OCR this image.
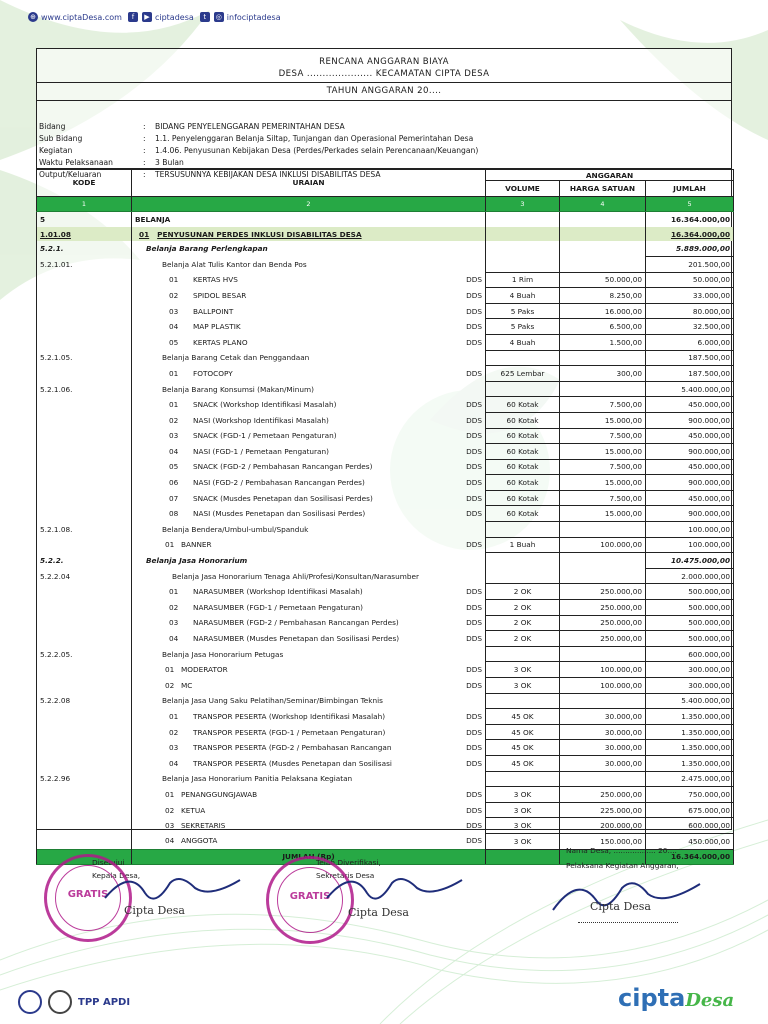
⊕ www.ciptaDesa.com	f	▶ ciptadesa	t	◎ infociptadesa
RENCANA ANGGARAN BIAYA
DESA ..................... KECAMATAN CIPTA DESA
TAHUN ANGGARAN 20....
Bidang	:	BIDANG PENYELENGGARAN PEMERINTAHAN DESA
Sub Bidang	:	1.1. Penyelenggaran Belanja Siltap, Tunjangan dan Operasional Pemerintahan Desa
Kegiatan	:	1.4.06. Penyusunan Kebijakan Desa (Perdes/Perkades selain Perencanaan/Keuangan)
Waktu Pelaksanaan	:	3 Bulan
Output/Keluaran	:	TERSUSUNNYA KEBIJAKAN DESA INKLUSI DISABILITAS DESA
KODE	URAIAN	ANGGARAN		
		VOLUME	HARGA SATUAN	JUMLAH
1	2	3	4	5
5	BELANJA			16.364.000,00
1.01.08	01 PENYUSUNAN PERDES INKLUSI DISABILITAS DESA			16.364.000,00
5.2.1.	Belanja Barang Perlengkapan			5.889.000,00
5.2.1.01.	Belanja Alat Tulis Kantor dan Benda Pos			201.500,00
	01 KERTAS HVS DDS	1 Rim	50.000,00	50.000,00
	02 SPIDOL BESAR DDS	4 Buah	8.250,00	33.000,00
	03 BALLPOINT DDS	5 Paks	16.000,00	80.000,00
	04 MAP PLASTIK DDS	5 Paks	6.500,00	32.500,00
	05 KERTAS PLANO DDS	4 Buah	1.500,00	6.000,00
5.2.1.05.	Belanja Barang Cetak dan Penggandaan			187.500,00
	01 FOTOCOPY DDS	625 Lembar	300,00	187.500,00
5.2.1.06.	Belanja Barang Konsumsi (Makan/Minum)			5.400.000,00
	01 SNACK (Workshop Identifikasi Masalah) DDS	60 Kotak	7.500,00	450.000,00
	02 NASI (Workshop Identifikasi Masalah) DDS	60 Kotak	15.000,00	900.000,00
	03 SNACK (FGD-1 / Pemetaan Pengaturan) DDS	60 Kotak	7.500,00	450.000,00
	04 NASI (FGD-1 / Pemetaan Pengaturan) DDS	60 Kotak	15.000,00	900.000,00
	05 SNACK (FGD-2 / Pembahasan Rancangan Perdes) DDS	60 Kotak	7.500,00	450.000,00
	06 NASI (FGD-2 / Pembahasan Rancangan Perdes) DDS	60 Kotak	15.000,00	900.000,00
	07 SNACK (Musdes Penetapan dan Sosilisasi Perdes) DDS	60 Kotak	7.500,00	450.000,00
	08 NASI (Musdes Penetapan dan Sosilisasi Perdes) DDS	60 Kotak	15.000,00	900.000,00
5.2.1.08.	Belanja Bendera/Umbul-umbul/Spanduk			100.000,00
	01 BANNER DDS	1 Buah	100.000,00	100.000,00
5.2.2.	Belanja Jasa Honorarium			10.475.000,00
5.2.2.04	Belanja Jasa Honorarium Tenaga Ahli/Profesi/Konsultan/Narasumber			2.000.000,00
	01 NARASUMBER (Workshop Identifikasi Masalah) DDS	2 OK	250.000,00	500.000,00
	02 NARASUMBER (FGD-1 / Pemetaan Pengaturan) DDS	2 OK	250.000,00	500.000,00
	03 NARASUMBER (FGD-2 / Pembahasan Rancangan Perdes) DDS	2 OK	250.000,00	500.000,00
	04 NARASUMBER (Musdes Penetapan dan Sosilisasi Perdes) DDS	2 OK	250.000,00	500.000,00
5.2.2.05.	Belanja Jasa Honorarium Petugas			600.000,00
	01 MODERATOR DDS	3 OK	100.000,00	300.000,00
	02 MC DDS	3 OK	100.000,00	300.000,00
5.2.2.08	Belanja Jasa Uang Saku Pelatihan/Seminar/Bimbingan Teknis			5.400.000,00
	01 TRANSPOR PESERTA (Workshop Identifikasi Masalah) DDS	45 OK	30.000,00	1.350.000,00
	02 TRANSPOR PESERTA (FGD-1 / Pemetaan Pengaturan) DDS	45 OK	30.000,00	1.350.000,00
	03 TRANSPOR PESERTA (FGD-2 / Pembahasan Rancangan DDS	45 OK	30.000,00	1.350.000,00
	04 TRANSPOR PESERTA (Musdes Penetapan dan Sosilisasi DDS	45 OK	30.000,00	1.350.000,00
5.2.2.96	Belanja Jasa Honorarium Panitia Pelaksana Kegiatan			2.475.000,00
	01 PENANGGUNGJAWAB DDS	3 OK	250.000,00	750.000,00
	02 KETUA DDS	3 OK	225.000,00	675.000,00
	03 SEKRETARIS DDS	3 OK	200.000,00	600.000,00
	04 ANGGOTA DDS	3 OK	150.000,00	450.000,00
	JUMLAH (Rp)			16.364.000,00
Disetujui
Kepala Desa,
GRATIS
Cipta Desa
Telah Diverifikasi,
Sekretaris Desa
GRATIS
Cipta Desa
Nama Desa, .................. 20....
Pelaksana Kegiatan Anggaran,
Cipta Desa
TPP APDI	ciptaDesa
